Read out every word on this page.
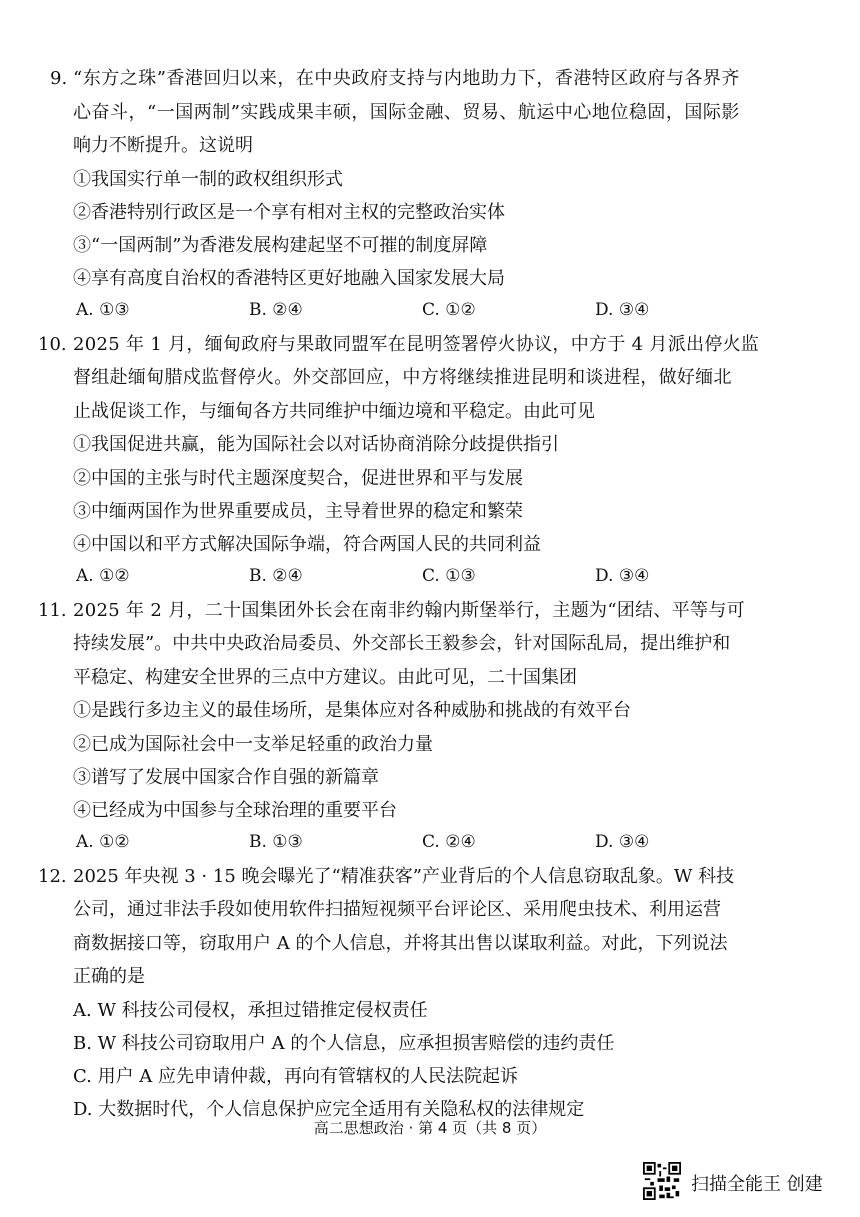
9. “东方之珠”香港回归以来，在中央政府支持与内地助力下，香港特区政府与各界齐
心奋斗，“一国两制”实践成果丰硕，国际金融、贸易、航运中心地位稳固，国际影
响力不断提升。这说明
①我国实行单一制的政权组织形式
②香港特别行政区是一个享有相对主权的完整政治实体
③“一国两制”为香港发展构建起坚不可摧的制度屏障
④享有高度自治权的香港特区更好地融入国家发展大局
A. ①③	B. ②④	C. ①②	D. ③④
10. 2025 年 1 月，缅甸政府与果敢同盟军在昆明签署停火协议，中方于 4 月派出停火监
督组赴缅甸腊戍监督停火。外交部回应，中方将继续推进昆明和谈进程，做好缅北
止战促谈工作，与缅甸各方共同维护中缅边境和平稳定。由此可见
①我国促进共赢，能为国际社会以对话协商消除分歧提供指引
②中国的主张与时代主题深度契合，促进世界和平与发展
③中缅两国作为世界重要成员，主导着世界的稳定和繁荣
④中国以和平方式解决国际争端，符合两国人民的共同利益
A. ①②	B. ②④	C. ①③	D. ③④
11. 2025 年 2 月，二十国集团外长会在南非约翰内斯堡举行，主题为“团结、平等与可
持续发展”。中共中央政治局委员、外交部长王毅参会，针对国际乱局，提出维护和
平稳定、构建安全世界的三点中方建议。由此可见，二十国集团
①是践行多边主义的最佳场所，是集体应对各种威胁和挑战的有效平台
②已成为国际社会中一支举足轻重的政治力量
③谱写了发展中国家合作自强的新篇章
④已经成为中国参与全球治理的重要平台
A. ①②	B. ①③	C. ②④	D. ③④
12. 2025 年央视 3 · 15 晚会曝光了“精准获客”产业背后的个人信息窃取乱象。W 科技
公司，通过非法手段如使用软件扫描短视频平台评论区、采用爬虫技术、利用运营
商数据接口等，窃取用户 A 的个人信息，并将其出售以谋取利益。对此，下列说法
正确的是
A. W 科技公司侵权，承担过错推定侵权责任
B. W 科技公司窃取用户 A 的个人信息，应承担损害赔偿的违约责任
C. 用户 A 应先申请仲裁，再向有管辖权的人民法院起诉
D. 大数据时代，个人信息保护应完全适用有关隐私权的法律规定
高二思想政治 · 第 4 页（共 8 页）
扫描全能王 创建
